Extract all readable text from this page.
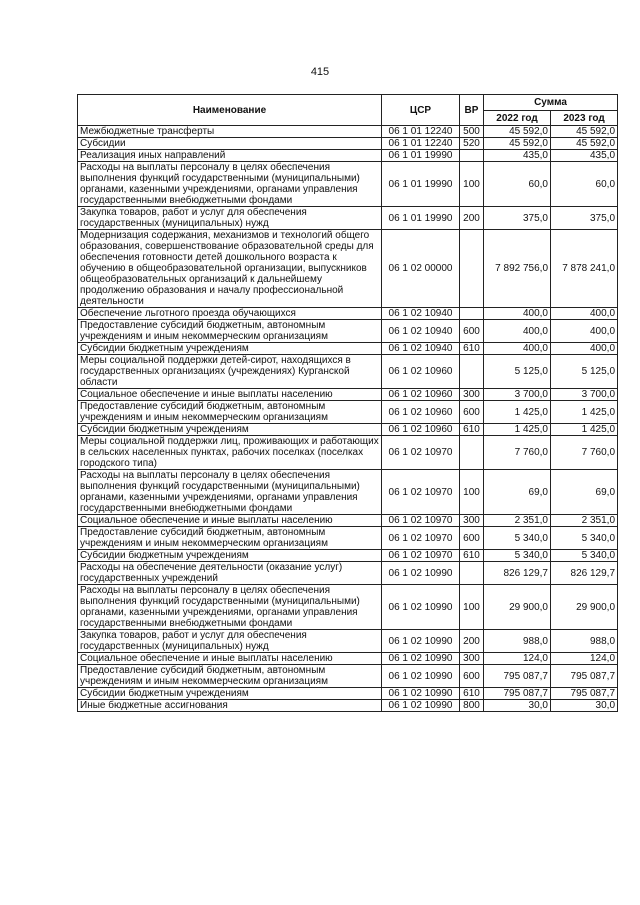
415
Наименование	ЦСР	ВР	Сумма	
			2022 год	2023 год
Межбюджетные трансферты	06 1 01 12240	500	45 592,0	45 592,0
Субсидии	06 1 01 12240	520	45 592,0	45 592,0
Реализация иных направлений	06 1 01 19990		435,0	435,0
Расходы на выплаты персоналу в целях обеспечения выполнения функций государственными (муниципальными) органами, казенными учреждениями, органами управления государственными внебюджетными фондами	06 1 01 19990	100	60,0	60,0
Закупка товаров, работ и услуг для обеспечения государственных (муниципальных) нужд	06 1 01 19990	200	375,0	375,0
Модернизация содержания, механизмов и технологий общего образования, совершенствование образовательной среды для обеспечения готовности детей дошкольного возраста к обучению в общеобразовательной организации, выпускников общеобразовательных организаций к дальнейшему продолжению образования и началу профессиональной деятельности	06 1 02 00000		7 892 756,0	7 878 241,0
Обеспечение льготного проезда обучающихся	06 1 02 10940		400,0	400,0
Предоставление субсидий бюджетным, автономным учреждениям и иным некоммерческим организациям	06 1 02 10940	600	400,0	400,0
Субсидии бюджетным учреждениям	06 1 02 10940	610	400,0	400,0
Меры социальной поддержки детей-сирот, находящихся в государственных организациях (учреждениях) Курганской области	06 1 02 10960		5 125,0	5 125,0
Социальное обеспечение и иные выплаты населению	06 1 02 10960	300	3 700,0	3 700,0
Предоставление субсидий бюджетным, автономным учреждениям и иным некоммерческим организациям	06 1 02 10960	600	1 425,0	1 425,0
Субсидии бюджетным учреждениям	06 1 02 10960	610	1 425,0	1 425,0
Меры социальной поддержки лиц, проживающих и работающих в сельских населенных пунктах, рабочих поселках (поселках городского типа)	06 1 02 10970		7 760,0	7 760,0
Расходы на выплаты персоналу в целях обеспечения выполнения функций государственными (муниципальными) органами, казенными учреждениями, органами управления государственными внебюджетными фондами	06 1 02 10970	100	69,0	69,0
Социальное обеспечение и иные выплаты населению	06 1 02 10970	300	2 351,0	2 351,0
Предоставление субсидий бюджетным, автономным учреждениям и иным некоммерческим организациям	06 1 02 10970	600	5 340,0	5 340,0
Субсидии бюджетным учреждениям	06 1 02 10970	610	5 340,0	5 340,0
Расходы на обеспечение деятельности (оказание услуг) государственных учреждений	06 1 02 10990		826 129,7	826 129,7
Расходы на выплаты персоналу в целях обеспечения выполнения функций государственными (муниципальными) органами, казенными учреждениями, органами управления государственными внебюджетными фондами	06 1 02 10990	100	29 900,0	29 900,0
Закупка товаров, работ и услуг для обеспечения государственных (муниципальных) нужд	06 1 02 10990	200	988,0	988,0
Социальное обеспечение и иные выплаты населению	06 1 02 10990	300	124,0	124,0
Предоставление субсидий бюджетным, автономным учреждениям и иным некоммерческим организациям	06 1 02 10990	600	795 087,7	795 087,7
Субсидии бюджетным учреждениям	06 1 02 10990	610	795 087,7	795 087,7
Иные бюджетные ассигнования	06 1 02 10990	800	30,0	30,0
